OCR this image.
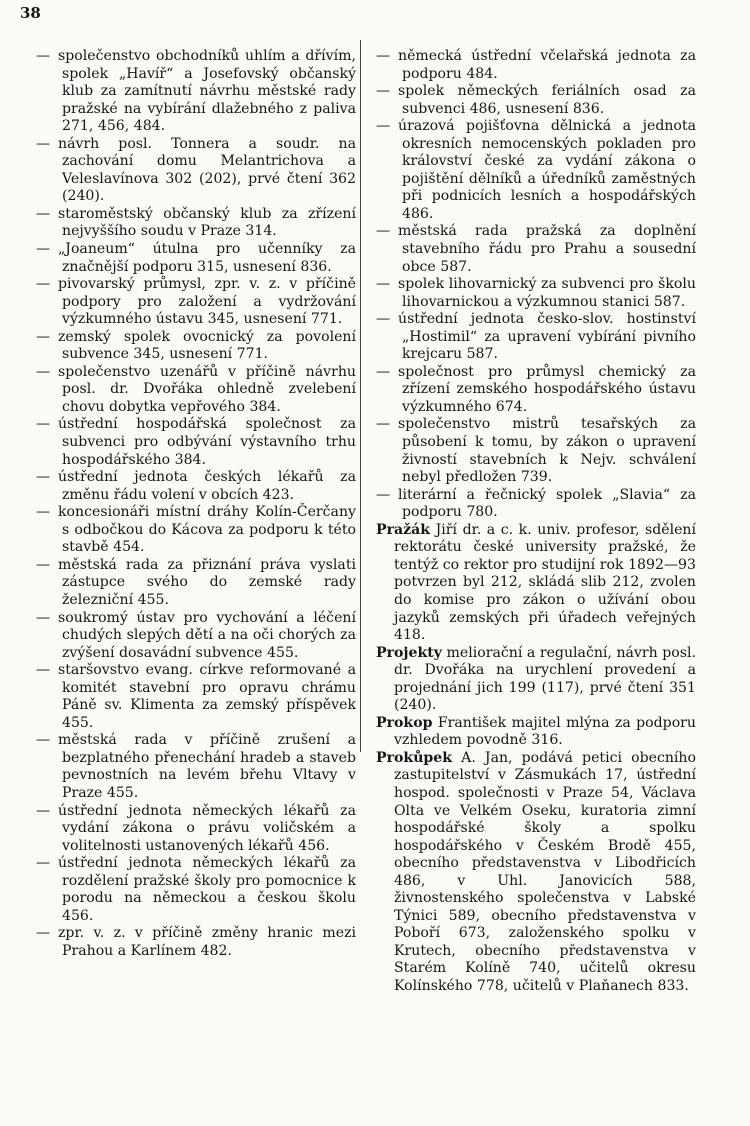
38

— společenstvo obchodníků uhlím a dřívím, spolek „Havíř“ a Josefovský občanský klub za zamítnutí návrhu městské rady pražské na vybírání dlažebného z paliva 271, 456, 484.

— návrh posl. Tonnera a soudr. na zachování domu Melantrichova a Veleslavínova 302 (202), prvé čtení 362 (240).

— staroměstský občanský klub za zřízení nejvyššího soudu v Praze 314.

— „Joaneum“ útulna pro učenníky za značnější podporu 315, usnesení 836.

— pivovarský průmysl, zpr. v. z. v příčině podpory pro založení a vydržování výzkumného ústavu 345, usnesení 771.

— zemský spolek ovocnický za povolení subvence 345, usnesení 771.

— společenstvo uzenářů v příčině návrhu posl. dr. Dvořáka ohledně zvelebení chovu dobytka vepřového 384.

— ústřední hospodářská společnost za subvenci pro odbývání výstavního trhu hospodářského 384.

— ústřední jednota českých lékařů za změnu řádu volení v obcích 423.

— koncesionáři místní dráhy Kolín-Čerčany s odbočkou do Kácova za podporu k této stavbě 454.

— městská rada za přiznání práva vyslati zástupce svého do zemské rady železniční 455.

— soukromý ústav pro vychování a léčení chudých slepých dětí a na oči chorých za zvýšení dosavádní subvence 455.

— staršovstvo evang. církve reformované a komitét stavební pro opravu chrámu Páně sv. Klimenta za zemský příspěvek 455.

— městská rada v příčině zrušení a bezplatného přenechání hradeb a staveb pevnostních na levém břehu Vltavy v Praze 455.

— ústřední jednota německých lékařů za vydání zákona o právu voličském a volitelnosti ustanovených lékařů 456.

— ústřední jednota německých lékařů za rozdělení pražské školy pro pomocnice k porodu na německou a českou školu 456.

— zpr. v. z. v příčině změny hranic mezi Prahou a Karlínem 482.

— německá ústřední včelařská jednota za podporu 484.

— spolek německých feriálních osad za subvenci 486, usnesení 836.

— úrazová pojišťovna dělnická a jednota okresních nemocenských pokladen pro království české za vydání zákona o pojištění dělníků a úředníků zaměstných při podnicích lesních a hospodářských 486.

— městská rada pražská za doplnění stavebního řádu pro Prahu a sousední obce 587.

— spolek lihovarnický za subvenci pro školu lihovarnickou a výzkumnou stanici 587.

— ústřední jednota česko-slov. hostinství „Hostimil“ za upravení vybírání pivního krejcaru 587.

— společnost pro průmysl chemický za zřízení zemského hospodářského ústavu výzkumného 674.

— společenstvo mistrů tesařských za působení k tomu, by zákon o upravení živností stavebních k Nejv. schválení nebyl předložen 739.

— literární a řečnický spolek „Slavia“ za podporu 780.

Pražák Jiří dr. a c. k. univ. profesor, sdělení rektorátu české university pražské, že tentýž co rektor pro studijní rok 1892—93 potvrzen byl 212, skládá slib 212, zvolen do komise pro zákon o užívání obou jazyků zemských při úřadech veřejných 418.

Projekty meliorační a regulační, návrh posl. dr. Dvořáka na urychlení provedení a projednání jich 199 (117), prvé čtení 351 (240).

Prokop František majitel mlýna za podporu vzhledem povodně 316.

Prokůpek A. Jan, podává petici obecního zastupitelství v Zásmukách 17, ústřední hospod. společnosti v Praze 54, Václava Olta ve Velkém Oseku, kuratoria zimní hospodářské školy a spolku hospodářského v Českém Brodě 455, obecního představenstva v Libodřicích 486, v Uhl. Janovicích 588, živnostenského společenstva v Labské Týnici 589, obecního představenstva v Poboří 673, založenského spolku v Krutech, obecního představenstva v Starém Kolíně 740, učitelů okresu Kolínského 778, učitelů v Plaňanech 833.
